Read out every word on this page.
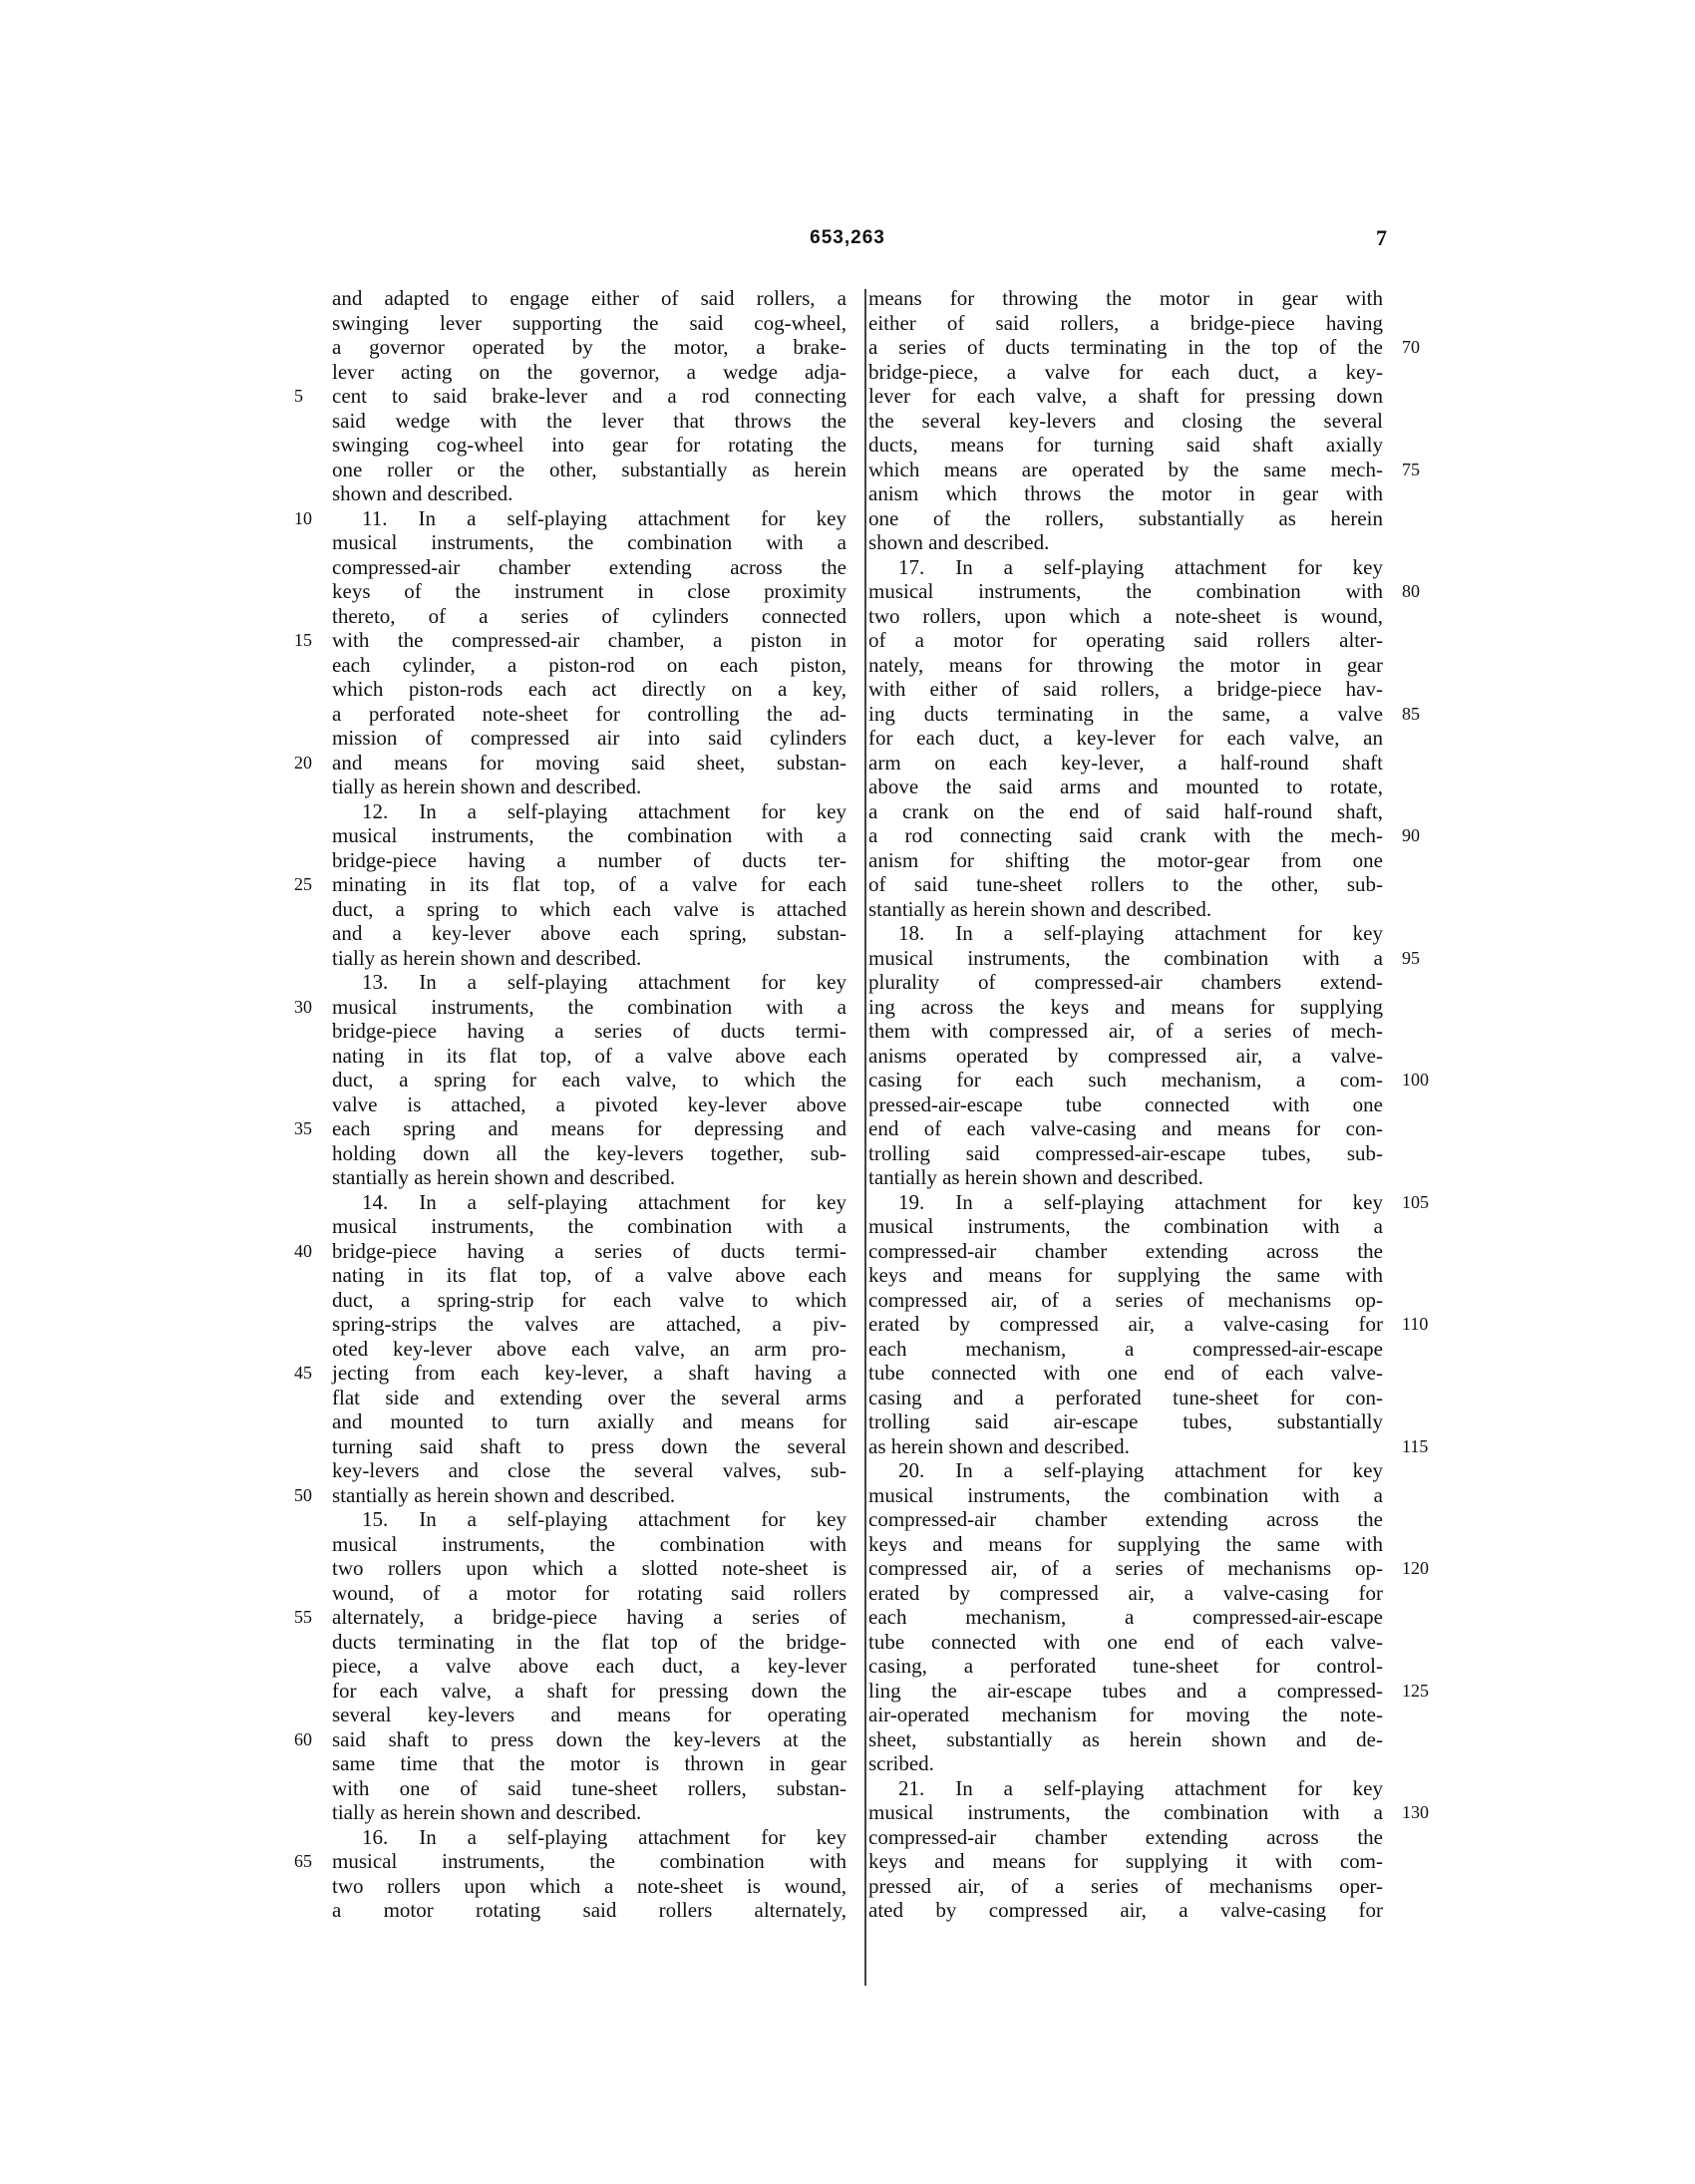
653,263	7
and adapted to engage either of said rollers, a
swinging lever supporting the said cog-wheel,
a governor operated by the motor, a brake-
lever acting on the governor, a wedge adja-
cent to said brake-lever and a rod connecting
5
said wedge with the lever that throws the
swinging cog-wheel into gear for rotating the
one roller or the other, substantially as herein
shown and described.
11. In a self-playing attachment for key
10
musical instruments, the combination with a
compressed-air chamber extending across the
keys of the instrument in close proximity
thereto, of a series of cylinders connected
with the compressed-air chamber, a piston in
15
each cylinder, a piston-rod on each piston,
which piston-rods each act directly on a key,
a perforated note-sheet for controlling the ad-
mission of compressed air into said cylinders
and means for moving said sheet, substan-
20
tially as herein shown and described.
12. In a self-playing attachment for key
musical instruments, the combination with a
bridge-piece having a number of ducts ter-
minating in its flat top, of a valve for each
25
duct, a spring to which each valve is attached
and a key-lever above each spring, substan-
tially as herein shown and described.
13. In a self-playing attachment for key
musical instruments, the combination with a
30
bridge-piece having a series of ducts termi-
nating in its flat top, of a valve above each
duct, a spring for each valve, to which the
valve is attached, a pivoted key-lever above
each spring and means for depressing and
35
holding down all the key-levers together, sub-
stantially as herein shown and described.
14. In a self-playing attachment for key
musical instruments, the combination with a
bridge-piece having a series of ducts termi-
40
nating in its flat top, of a valve above each
duct, a spring-strip for each valve to which
spring-strips the valves are attached, a piv-
oted key-lever above each valve, an arm pro-
jecting from each key-lever, a shaft having a
45
flat side and extending over the several arms
and mounted to turn axially and means for
turning said shaft to press down the several
key-levers and close the several valves, sub-
stantially as herein shown and described.
50
15. In a self-playing attachment for key
musical instruments, the combination with
two rollers upon which a slotted note-sheet is
wound, of a motor for rotating said rollers
alternately, a bridge-piece having a series of
55
ducts terminating in the flat top of the bridge-
piece, a valve above each duct, a key-lever
for each valve, a shaft for pressing down the
several key-levers and means for operating
said shaft to press down the key-levers at the
60
same time that the motor is thrown in gear
with one of said tune-sheet rollers, substan-
tially as herein shown and described.
16. In a self-playing attachment for key
musical instruments, the combination with
65
two rollers upon which a note-sheet is wound,
a motor rotating said rollers alternately,
means for throwing the motor in gear with
either of said rollers, a bridge-piece having
a series of ducts terminating in the top of the 70
bridge-piece, a valve for each duct, a key-
lever for each valve, a shaft for pressing down
the several key-levers and closing the several
ducts, means for turning said shaft axially
which means are operated by the same mech- 75
anism which throws the motor in gear with
one of the rollers, substantially as herein
shown and described.
17. In a self-playing attachment for key
musical instruments, the combination with 80
two rollers, upon which a note-sheet is wound,
of a motor for operating said rollers alter-
nately, means for throwing the motor in gear
with either of said rollers, a bridge-piece hav-
ing ducts terminating in the same, a valve 85
for each duct, a key-lever for each valve, an
arm on each key-lever, a half-round shaft
above the said arms and mounted to rotate,
a crank on the end of said half-round shaft,
a rod connecting said crank with the mech- 90
anism for shifting the motor-gear from one
of said tune-sheet rollers to the other, sub-
stantially as herein shown and described.
18. In a self-playing attachment for key
musical instruments, the combination with a 95
plurality of compressed-air chambers extend-
ing across the keys and means for supplying
them with compressed air, of a series of mech-
anisms operated by compressed air, a valve-
casing for each such mechanism, a com- 100
pressed-air-escape tube connected with one
end of each valve-casing and means for con-
trolling said compressed-air-escape tubes, sub-
tantially as herein shown and described.
19. In a self-playing attachment for key 105
musical instruments, the combination with a
compressed-air chamber extending across the
keys and means for supplying the same with
compressed air, of a series of mechanisms op-
erated by compressed air, a valve-casing for 110
each mechanism, a compressed-air-escape
tube connected with one end of each valve-
casing and a perforated tune-sheet for con-
trolling said air-escape tubes, substantially
as herein shown and described.	115
20. In a self-playing attachment for key
musical instruments, the combination with a
compressed-air chamber extending across the
keys and means for supplying the same with
compressed air, of a series of mechanisms op- 120
erated by compressed air, a valve-casing for
each mechanism, a compressed-air-escape
tube connected with one end of each valve-
casing, a perforated tune-sheet for control-
ling the air-escape tubes and a compressed- 125
air-operated mechanism for moving the note-
sheet, substantially as herein shown and de-
scribed.
21. In a self-playing attachment for key
musical instruments, the combination with a 130
compressed-air chamber extending across the
keys and means for supplying it with com-
pressed air, of a series of mechanisms oper-
ated by compressed air, a valve-casing for
